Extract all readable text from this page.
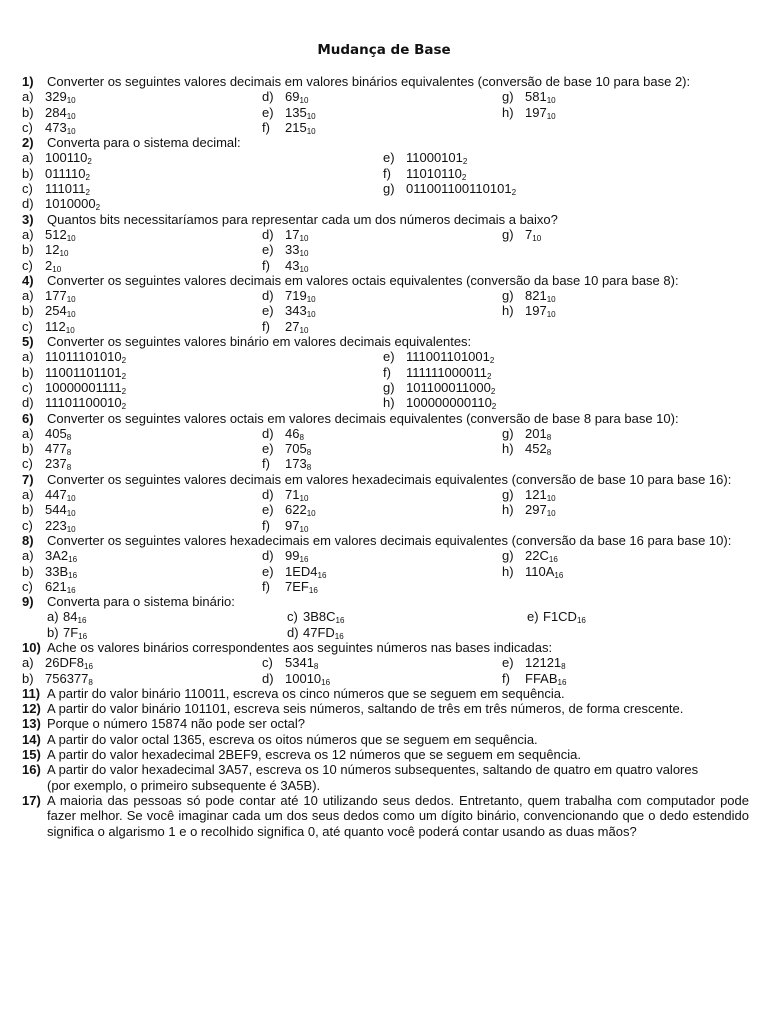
Mudança de Base
1) Converter os seguintes valores decimais em valores binários equivalentes (conversão de base 10 para base 2):
a) $329_{10}$	d) $69_{10}$	g) $581_{10}$
b) $284_{10}$	e) $135_{10}$	h) $197_{10}$
c) $473_{10}$	f) $215_{10}$
2) Converta para o sistema decimal:
a) $100110_2$	e) $11000101_2$
b) $011110_2$	f) $11010110_2$
c) $111011_2$	g) $011001100110101_2$
d) $1010000_2$
3) Quantos bits necessitaríamos para representar cada um dos números decimais a baixo?
a) $512_{10}$	d) $17_{10}$	g) $7_{10}$
b) $12_{10}$	e) $33_{10}$
c) $2_{10}$	f) $43_{10}$
4) Converter os seguintes valores decimais em valores octais equivalentes (conversão da base 10 para base 8):
a) $177_{10}$	d) $719_{10}$	g) $821_{10}$
b) $254_{10}$	e) $343_{10}$	h) $197_{10}$
c) $112_{10}$	f) $27_{10}$
5) Converter os seguintes valores binário em valores decimais equivalentes:
a) $11011101010_2$	e) $111001101001_2$
b) $11001101101_2$	f) $111111000011_2$
c) $10000001111_2$	g) $101100011000_2$
d) $11101100010_2$	h) $100000000110_2$
6) Converter os seguintes valores octais em valores decimais equivalentes (conversão de base 8 para base 10):
a) $405_8$	d) $46_8$	g) $201_8$
b) $477_8$	e) $705_8$	h) $452_8$
c) $237_8$	f) $173_8$
7) Converter os seguintes valores decimais em valores hexadecimais equivalentes (conversão de base 10 para base 16):
a) $447_{10}$	d) $71_{10}$	g) $121_{10}$
b) $544_{10}$	e) $622_{10}$	h) $297_{10}$
c) $223_{10}$	f) $97_{10}$
8) Converter os seguintes valores hexadecimais em valores decimais equivalentes (conversão da base 16 para base 10):
a) $3A2_{16}$	d) $99_{16}$	g) $22C_{16}$
b) $33B_{16}$	e) $1ED4_{16}$	h) $110A_{16}$
c) $621_{16}$	f) $7EF_{16}$
9) Converta para o sistema binário:
a) $84_{16}$	c) $3B8C_{16}$	e) $F1CD_{16}$
b) $7F_{16}$	d) $47FD_{16}$
10) Ache os valores binários correspondentes aos seguintes números nas bases indicadas:
a) $26DF8_{16}$	c) $5341_8$	e) $12121_8$
b) $756377_8$	d) $10010_{16}$	f) $FFAB_{16}$
11) A partir do valor binário 110011, escreva os cinco números que se seguem em sequência.
12) A partir do valor binário 101101, escreva seis números, saltando de três em três números, de forma crescente.
13) Porque o número 15874 não pode ser octal?
14) A partir do valor octal 1365, escreva os oitos números que se seguem em sequência.
15) A partir do valor hexadecimal 2BEF9, escreva os 12 números que se seguem em sequência.
16) A partir do valor hexadecimal 3A57, escreva os 10 números subsequentes, saltando de quatro em quatro valores
(por exemplo, o primeiro subsequente é 3A5B).
17) A maioria das pessoas só pode contar até 10 utilizando seus dedos. Entretanto, quem trabalha com computador pode fazer melhor. Se você imaginar cada um dos seus dedos como um dígito binário, convencionando que o dedo estendido significa o algarismo 1 e o recolhido significa 0, até quanto você poderá contar usando as duas mãos?
